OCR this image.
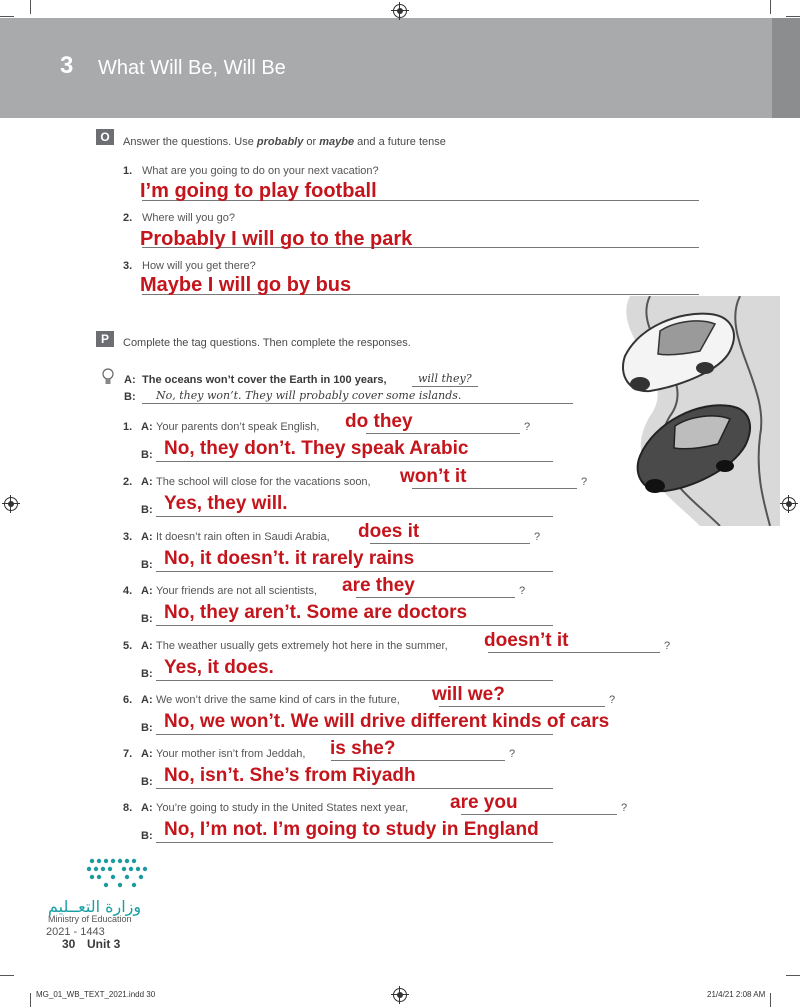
3 What Will Be, Will Be
O	Answer the questions. Use probably or maybe and a future tense
1. What are you going to do on your next vacation?
I’m going to play football
2. Where will you go?
Probably I will go to the park
3. How will you get there?
Maybe I will go by bus
P	Complete the tag questions. Then complete the responses.
A: The oceans won’t cover the Earth in 100 years,	will they?
B: No, they won’t. They will probably cover some islands.
1. A: Your parents don’t speak English,	?
do they
B: No, they don’t. They speak Arabic
2. A: The school will close for the vacations soon,	?
won’t it
B: Yes, they will.
3. A: It doesn’t rain often in Saudi Arabia,	?
does it
B: No, it doesn’t. it rarely rains
4. A: Your friends are not all scientists,	?
are they
B: No, they aren’t. Some are doctors
5. A: The weather usually gets extremely hot here in the summer,	?
doesn’t it
B: Yes, it does.
6. A: We won’t drive the same kind of cars in the future,	?
will we?
B: No, we won’t. We will drive different kinds of cars
7. A: Your mother isn’t from Jeddah,	?
is she?
B: No, isn’t. She’s from Riyadh
8. A: You’re going to study in the United States next year,	?
are you
B: No, I’m not. I’m going to study in England
وزارة التعــليم
Ministry of Education
2021 - 1443
30 Unit 3
MG_01_WB_TEXT_2021.indd 30	21/4/21 2:08 AM
